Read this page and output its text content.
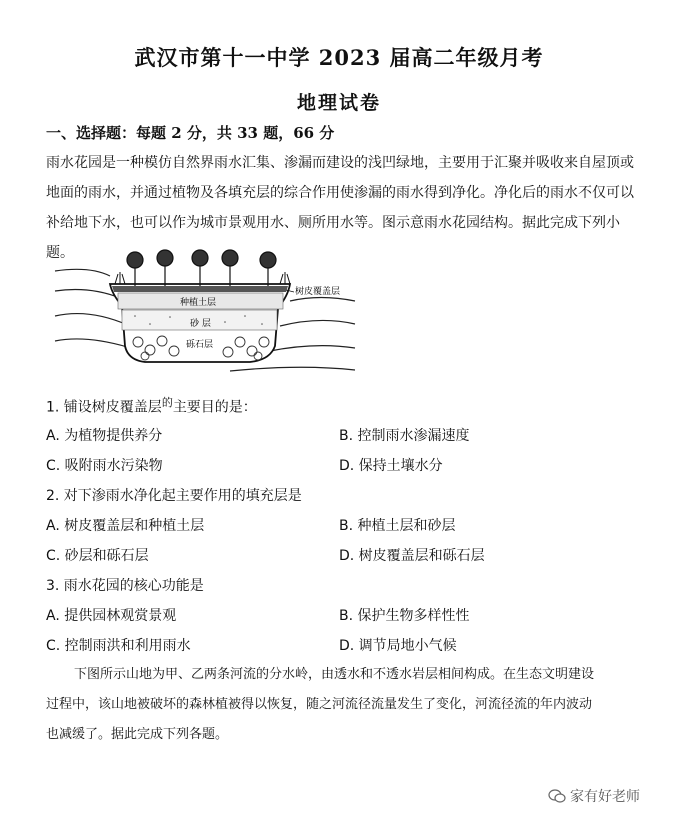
武汉市第十一中学 2023 届高二年级月考
地理试卷
一、选择题：每题 2 分，共 33 题，66 分

雨水花园是一种模仿自然界雨水汇集、渗漏而建设的浅凹绿地，主要用于汇聚并吸收来自屋顶或

地面的雨水，并通过植物及各填充层的综合作用使渗漏的雨水得到净化。净化后的雨水不仅可以

补给地下水，也可以作为城市景观用水、厕所用水等。图示意雨水花园结构。据此完成下列小题。

树皮覆盖层
种植土层
砂 层
砾石层
1. 铺设树皮覆盖层$^的$主要目的是：
A. 为植物提供养分	B. 控制雨水渗漏速度
C. 吸附雨水污染物	D. 保持土壤水分
2. 对下渗雨水净化起主要作用的填充层是
A. 树皮覆盖层和种植土层	B. 种植土层和砂层
C. 砂层和砾石层	D. 树皮覆盖层和砾石层
3. 雨水花园的核心功能是
A. 提供园林观赏景观	B. 保护生物多样性性
C. 控制雨洪和利用雨水	D. 调节局地小气候

下图所示山地为甲、乙两条河流的分水岭，由透水和不透水岩层相间构成。在生态文明建设

过程中，该山地被破坏的森林植被得以恢复，随之河流径流量发生了变化，河流径流的年内波动

也减缓了。据此完成下列各题。

家有好老师
